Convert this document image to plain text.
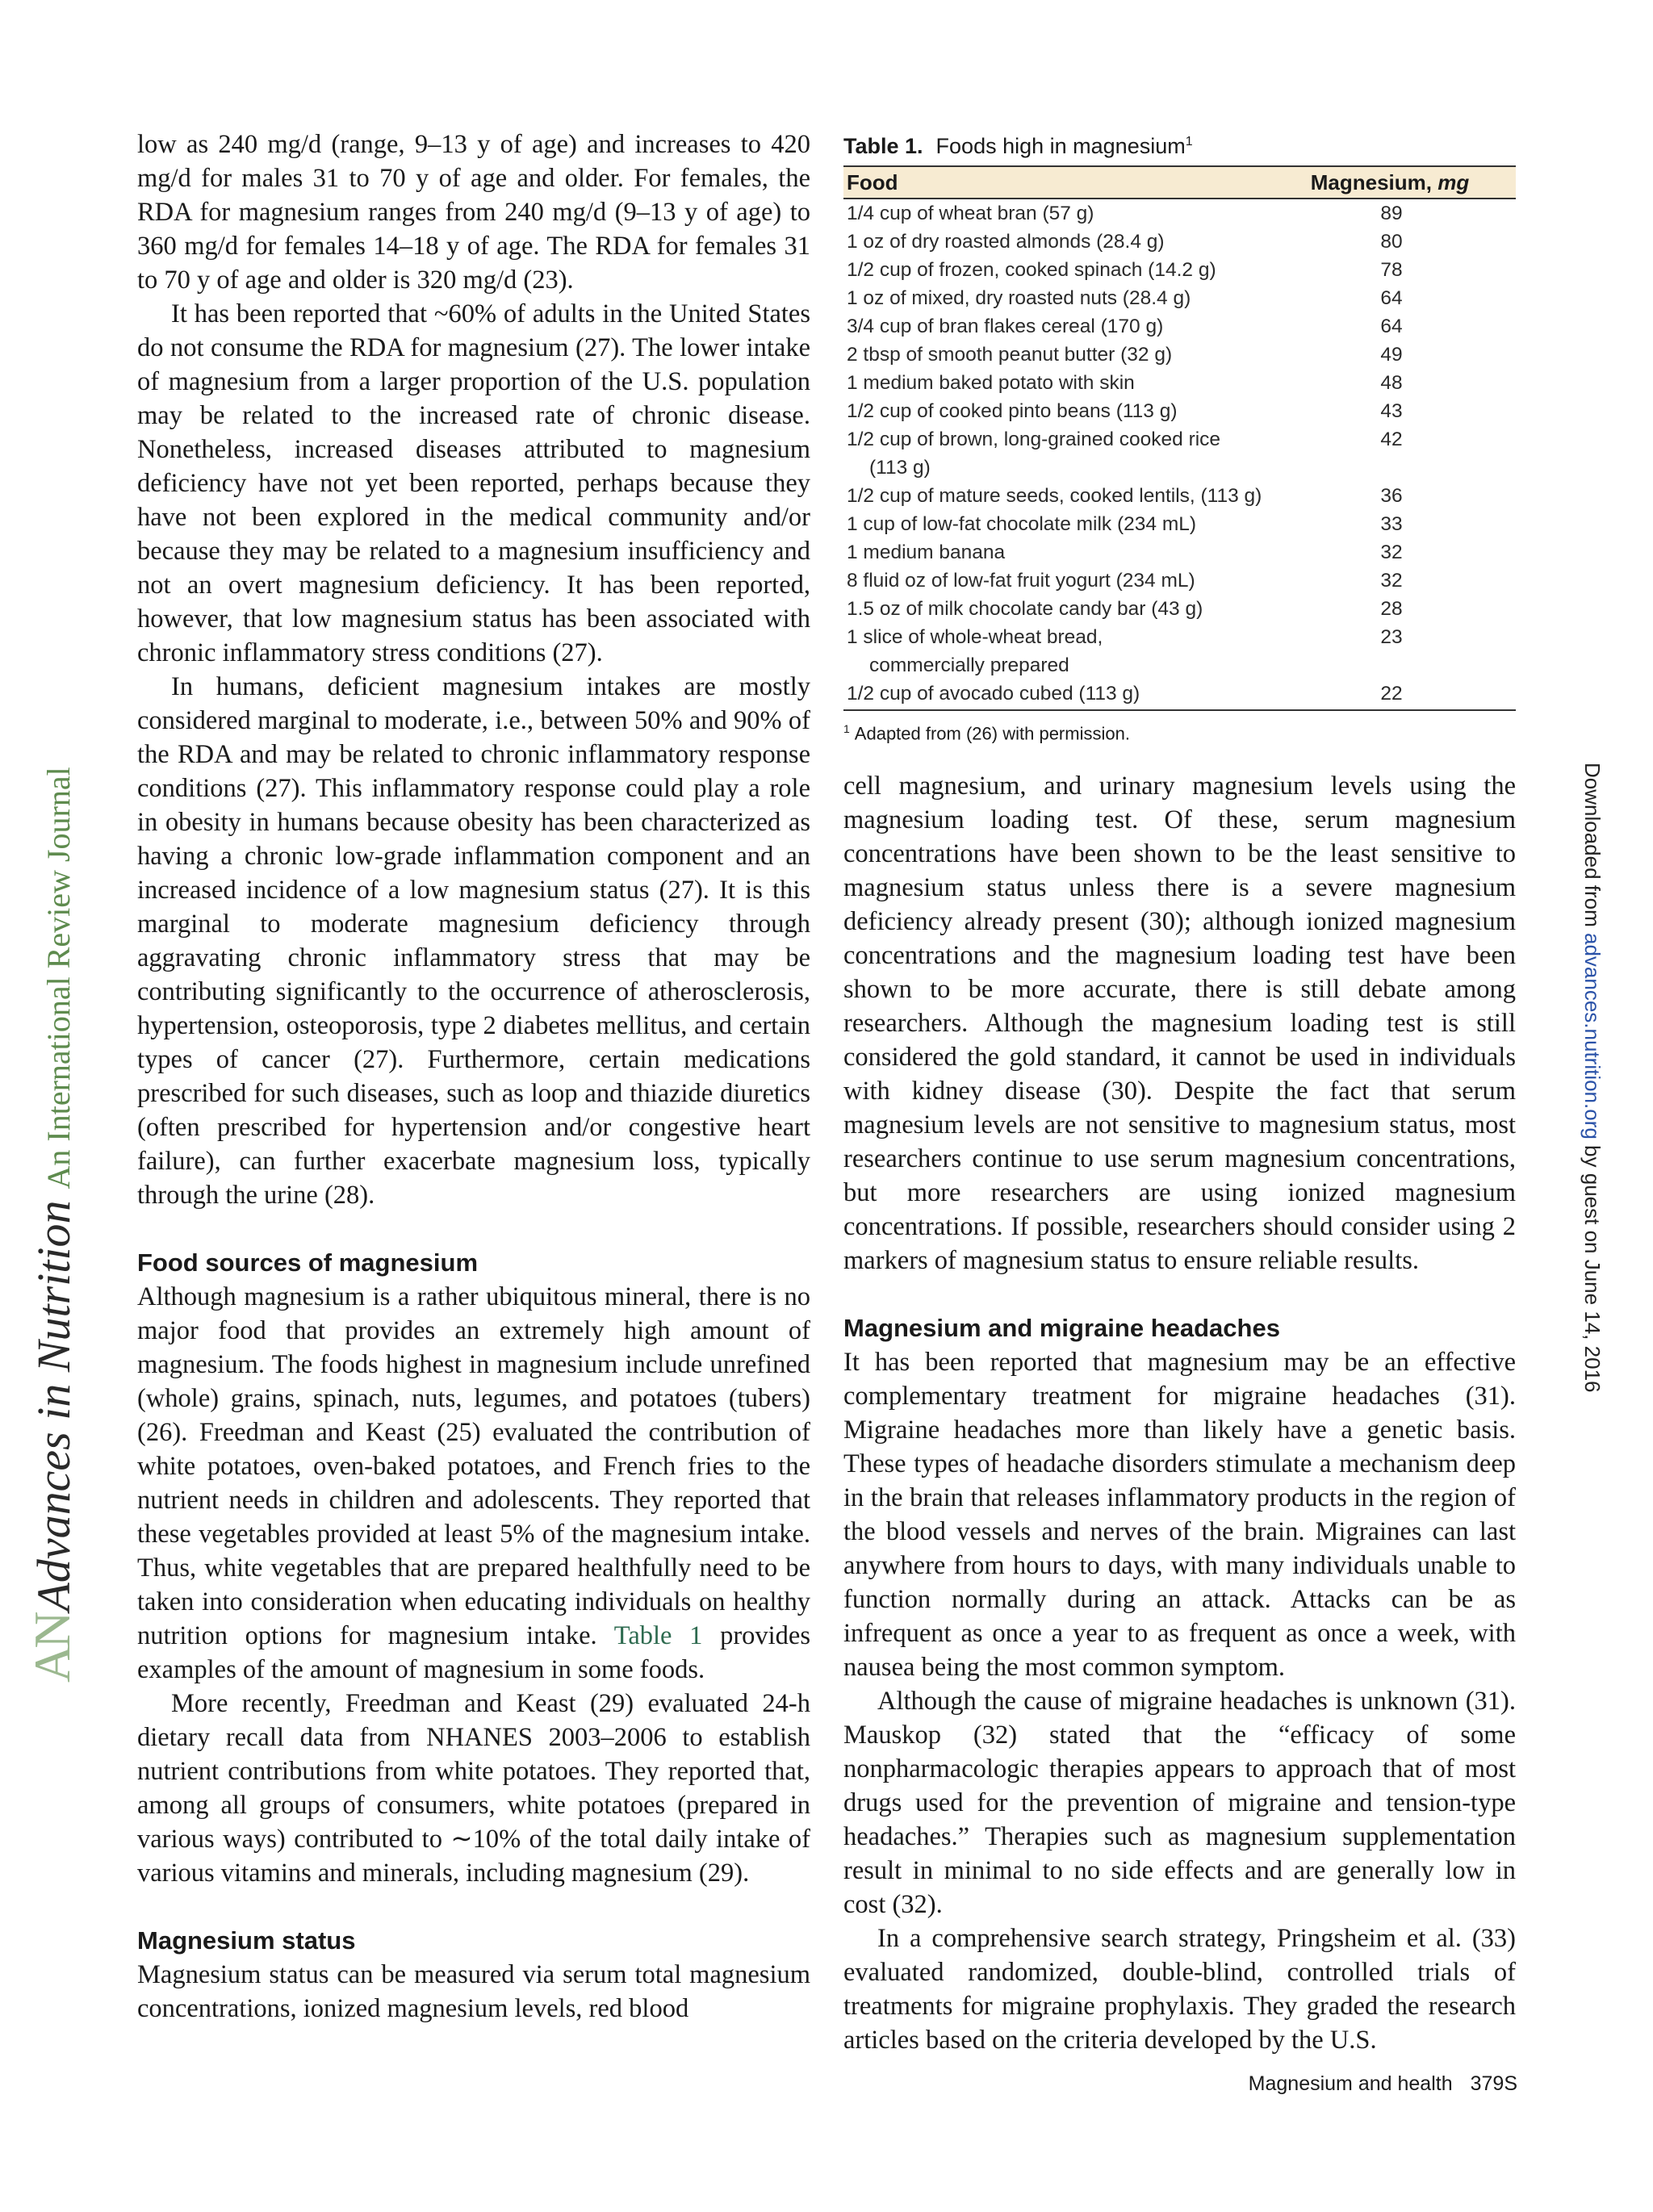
AN
Advances in Nutrition
An International Review Journal	Downloaded from advances.nutrition.org by guest on June 14, 2016

low as 240 mg/d (range, 9–13 y of age) and increases to 420 mg/d for males 31 to 70 y of age and older. For females, the RDA for magnesium ranges from 240 mg/d (9–13 y of age) to 360 mg/d for females 14–18 y of age. The RDA for females 31 to 70 y of age and older is 320 mg/d (23).

It has been reported that ~60% of adults in the United States do not consume the RDA for magnesium (27). The lower intake of magnesium from a larger proportion of the U.S. population may be related to the increased rate of chronic disease. Nonetheless, increased diseases attributed to magnesium deficiency have not yet been reported, perhaps because they have not been explored in the medical community and/or because they may be related to a magnesium insufficiency and not an overt magnesium deficiency. It has been reported, however, that low magnesium status has been associated with chronic inflammatory stress conditions (27).

In humans, deficient magnesium intakes are mostly considered marginal to moderate, i.e., between 50% and 90% of the RDA and may be related to chronic inflammatory response conditions (27). This inflammatory response could play a role in obesity in humans because obesity has been characterized as having a chronic low-grade inflammation component and an increased incidence of a low magnesium status (27). It is this marginal to moderate magnesium deficiency through aggravating chronic inflammatory stress that may be contributing significantly to the occurrence of atherosclerosis, hypertension, osteoporosis, type 2 diabetes mellitus, and certain types of cancer (27). Furthermore, certain medications prescribed for such diseases, such as loop and thiazide diuretics (often prescribed for hypertension and/or congestive heart failure), can further exacerbate magnesium loss, typically through the urine (28).

Food sources of magnesium

Although magnesium is a rather ubiquitous mineral, there is no major food that provides an extremely high amount of magnesium. The foods highest in magnesium include unrefined (whole) grains, spinach, nuts, legumes, and potatoes (tubers) (26). Freedman and Keast (25) evaluated the contribution of white potatoes, oven-baked potatoes, and French fries to the nutrient needs in children and adolescents. They reported that these vegetables provided at least 5% of the magnesium intake. Thus, white vegetables that are prepared healthfully need to be taken into consideration when educating individuals on healthy nutrition options for magnesium intake. Table 1 provides examples of the amount of magnesium in some foods.

More recently, Freedman and Keast (29) evaluated 24-h dietary recall data from NHANES 2003–2006 to establish nutrient contributions from white potatoes. They reported that, among all groups of consumers, white potatoes (prepared in various ways) contributed to ∼10% of the total daily intake of various vitamins and minerals, including magnesium (29).

Magnesium status

Magnesium status can be measured via serum total magnesium concentrations, ionized magnesium levels, red blood

Table 1. Foods high in magnesium$^1$

Food	Magnesium, mg
1/4 cup of wheat bran (57 g)	89
1 oz of dry roasted almonds (28.4 g)	80
1/2 cup of frozen, cooked spinach (14.2 g)	78
1 oz of mixed, dry roasted nuts (28.4 g)	64
3/4 cup of bran flakes cereal (170 g)	64
2 tbsp of smooth peanut butter (32 g)	49
1 medium baked potato with skin	48
1/2 cup of cooked pinto beans (113 g)	43
1/2 cup of brown, long-grained cooked rice
(113 g)	42
1/2 cup of mature seeds, cooked lentils, (113 g)	36
1 cup of low-fat chocolate milk (234 mL)	33
1 medium banana	32
8 fluid oz of low-fat fruit yogurt (234 mL)	32
1.5 oz of milk chocolate candy bar (43 g)	28
1 slice of whole-wheat bread,
commercially prepared	23
1/2 cup of avocado cubed (113 g)	22
$^1$ Adapted from (26) with permission.

cell magnesium, and urinary magnesium levels using the magnesium loading test. Of these, serum magnesium concentrations have been shown to be the least sensitive to magnesium status unless there is a severe magnesium deficiency already present (30); although ionized magnesium concentrations and the magnesium loading test have been shown to be more accurate, there is still debate among researchers. Although the magnesium loading test is still considered the gold standard, it cannot be used in individuals with kidney disease (30). Despite the fact that serum magnesium levels are not sensitive to magnesium status, most researchers continue to use serum magnesium concentrations, but more researchers are using ionized magnesium concentrations. If possible, researchers should consider using 2 markers of magnesium status to ensure reliable results.

Magnesium and migraine headaches

It has been reported that magnesium may be an effective complementary treatment for migraine headaches (31). Migraine headaches more than likely have a genetic basis. These types of headache disorders stimulate a mechanism deep in the brain that releases inflammatory products in the region of the blood vessels and nerves of the brain. Migraines can last anywhere from hours to days, with many individuals unable to function normally during an attack. Attacks can be as infrequent as once a year to as frequent as once a week, with nausea being the most common symptom.

Although the cause of migraine headaches is unknown (31). Mauskop (32) stated that the “efficacy of some nonpharmacologic therapies appears to approach that of most drugs used for the prevention of migraine and tension-type headaches.” Therapies such as magnesium supplementation result in minimal to no side effects and are generally low in cost (32).

In a comprehensive search strategy, Pringsheim et al. (33) evaluated randomized, double-blind, controlled trials of treatments for migraine prophylaxis. They graded the research articles based on the criteria developed by the U.S.

Magnesium and health 379S
